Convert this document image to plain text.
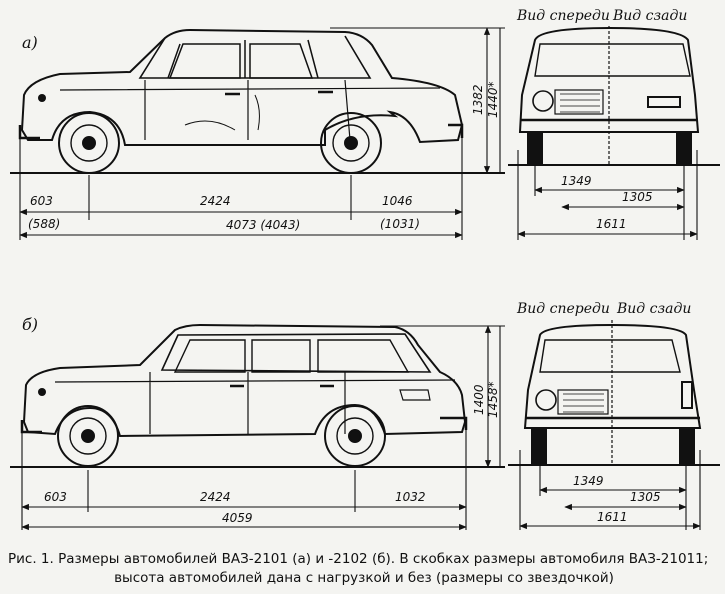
603
(588)
2424	1046
(1031)
4073 (4043)
1382 1440*
a)
1349
1305
1611
Вид спереди Вид сзади
603	2424	1032
4059
1400 1458*
б)
1349
1305
1611
Вид спереди Вид сзади
Рис. 1. Размеры автомобилей ВАЗ-2101 (а) и -2102 (б). В скобках размеры автомобиля ВАЗ-21011;
высота автомобилей дана с нагрузкой и без (размеры со звездочкой)
